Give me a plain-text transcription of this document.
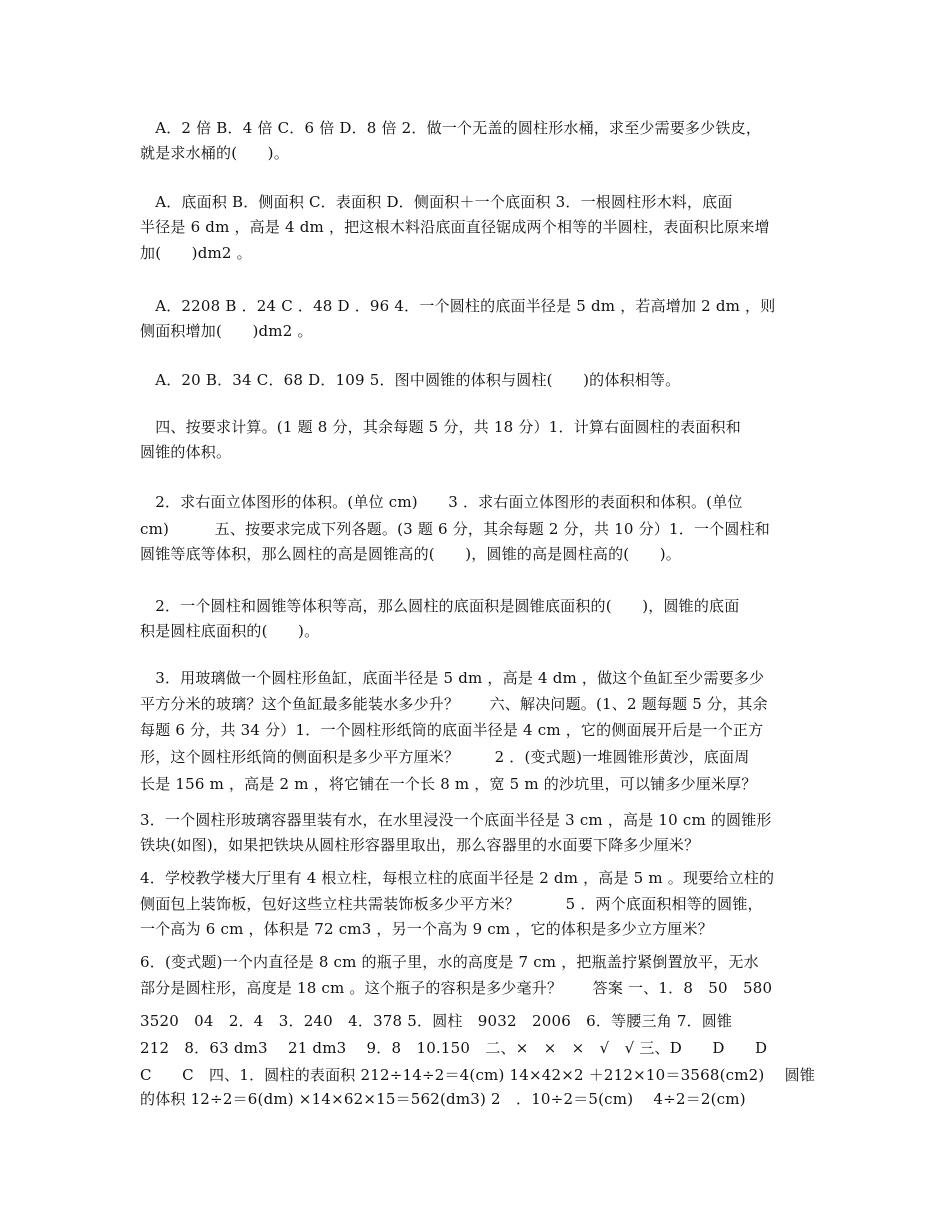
　A．2 倍 B．4 倍 C．6 倍 D．8 倍 2．做一个无盖的圆柱形水桶，求至少需要多少铁皮，
就是求水桶的(　　)。
　A．底面积 B．侧面积 C．表面积 D．侧面积＋一个底面积 3．一根圆柱形木料，底面
半径是 6 dm ，高是 4 dm ，把这根木料沿底面直径锯成两个相等的半圆柱，表面积比原来增
加(　　)dm2 。
　A．2208 B ．24 C ．48 D ．96 4．一个圆柱的底面半径是 5 dm ，若高增加 2 dm ，则
侧面积增加(　　)dm2 。
　A．20 B．34 C．68 D．109 5．图中圆锥的体积与圆柱(　　)的体积相等。
　四、按要求计算。(1 题 8 分，其余每题 5 分，共 18 分）1．计算右面圆柱的表面积和
圆锥的体积。
　2．求右面立体图形的体积。(单位 cm)　　3 ．求右面立体图形的表面积和体积。(单位
cm)　　　五、按要求完成下列各题。(3 题 6 分，其余每题 2 分，共 10 分）1．一个圆柱和
圆锥等底等体积，那么圆柱的高是圆锥高的(　　)，圆锥的高是圆柱高的(　　)。
　2．一个圆柱和圆锥等体积等高，那么圆柱的底面积是圆锥底面积的(　　)，圆锥的底面
积是圆柱底面积的(　　)。
　3．用玻璃做一个圆柱形鱼缸，底面半径是 5 dm ，高是 4 dm ，做这个鱼缸至少需要多少
平方分米的玻璃？这个鱼缸最多能装水多少升？　　六、解决问题。(1、2 题每题 5 分，其余
每题 6 分，共 34 分）1．一个圆柱形纸筒的底面半径是 4 cm ，它的侧面展开后是一个正方
形，这个圆柱形纸筒的侧面积是多少平方厘米？　　 2 ．(变式题)一堆圆锥形黄沙，底面周
长是 156 m ，高是 2 m ，将它铺在一个长 8 m ，宽 5 m 的沙坑里，可以铺多少厘米厚？
3．一个圆柱形玻璃容器里装有水，在水里浸没一个底面半径是 3 cm ，高是 10 cm 的圆锥形
铁块(如图)，如果把铁块从圆柱形容器里取出，那么容器里的水面要下降多少厘米？
4．学校教学楼大厅里有 4 根立柱，每根立柱的底面半径是 2 dm ，高是 5 m 。现要给立柱的
侧面包上装饰板，包好这些立柱共需装饰板多少平方米？　　　5 ．两个底面积相等的圆锥，
一个高为 6 cm ，体积是 72 cm3 ，另一个高为 9 cm ，它的体积是多少立方厘米？
6．(变式题)一个内直径是 8 cm 的瓶子里，水的高度是 7 cm ，把瓶盖拧紧倒置放平，无水
部分是圆柱形，高度是 18 cm 。这个瓶子的容积是多少毫升？　　答案 一、1．8　50　580
3520　04　2．4　3．240　4．378 5．圆柱　9032　2006　6．等腰三角 7．圆锥
212　8．63 dm3　 21 dm3　 9．8　10.150　二、×　×　×　√　√ 三、D　　D　　D
C　　C　四、1．圆柱的表面积 212÷14÷2＝4(cm) 14×42×2 ＋212×10＝3568(cm2)　 圆锥
的体积 12÷2＝6(dm) ×14×62×15＝562(dm3) 2　．10÷2＝5(cm)　 4÷2＝2(cm)
